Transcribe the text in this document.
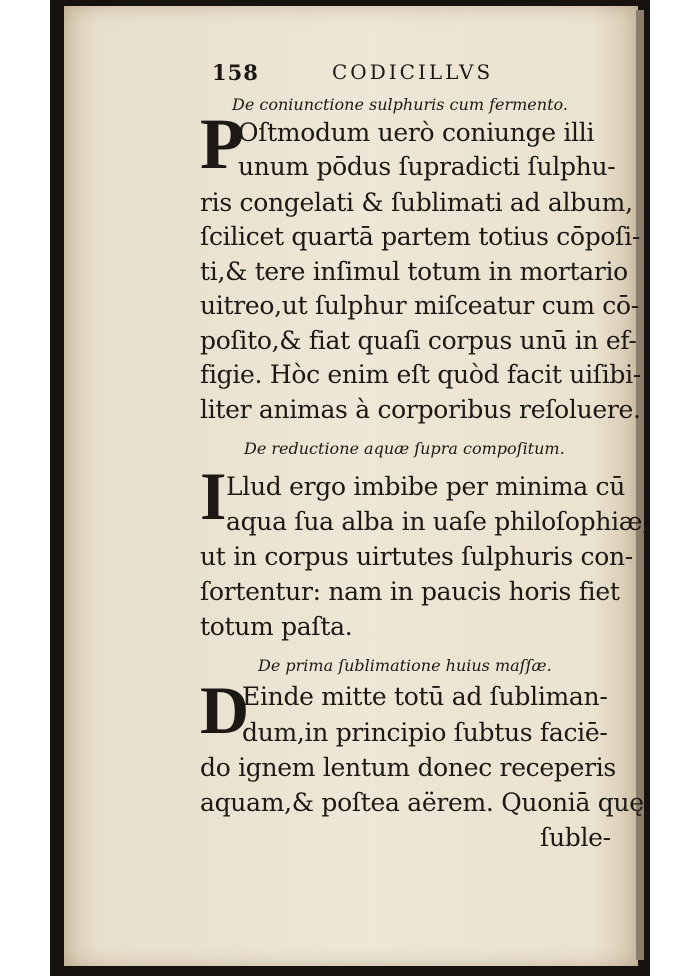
158	CODICILLVS
De coniunctione sulphuris cum fermento.
P
Oſtmodum uerò coniunge illi
unum pōdus ſupradicti ſulphu-
ris congelati & ſublimati ad album,
ſcilicet quartā partem totius cōpoſi-
ti,& tere inſimul totum in mortario
uitreo,ut ſulphur miſceatur cum cō-
poſito,& fiat quaſi corpus unū in ef-
figie. Hòc enim eſt quòd facit uiſibi-
liter animas à corporibus reſoluere.
De reductione aquæ ſupra compoſitum.
I Llud ergo imbibe per minima cū
aqua ſua alba in uaſe philoſophiæ,
ut in corpus uirtutes ſulphuris con-
ſortentur: nam in paucis horis fiet
totum paſta.
De prima ſublimatione huius maſſæ.
D
Einde mitte totū ad ſubliman-
dum,in principio ſubtus faciē-
do ignem lentum donec receperis
aquam,& poſtea aërem. Quoniā quę
ſuble-
